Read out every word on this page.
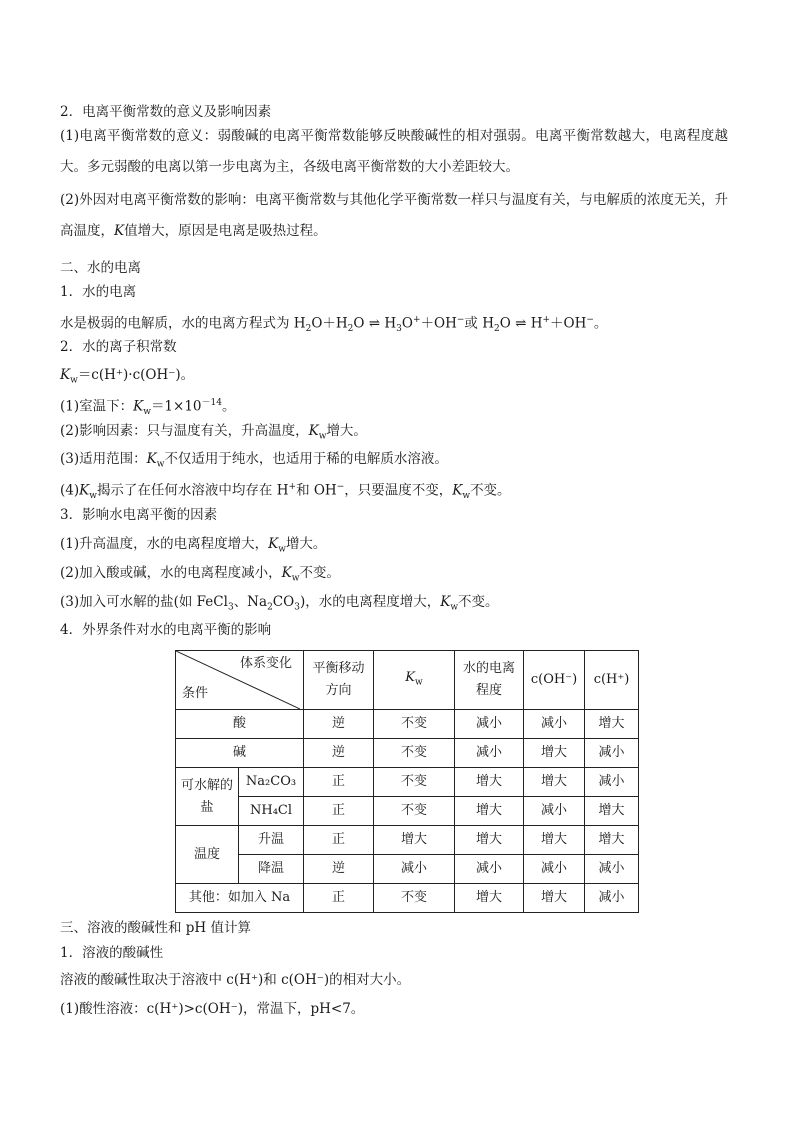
2．电离平衡常数的意义及影响因素
(1)电离平衡常数的意义：弱酸碱的电离平衡常数能够反映酸碱性的相对强弱。电离平衡常数越大，电离程度越大。多元弱酸的电离以第一步电离为主，各级电离平衡常数的大小差距较大。
(2)外因对电离平衡常数的影响：电离平衡常数与其他化学平衡常数一样只与温度有关，与电解质的浓度无关，升高温度，K值增大，原因是电离是吸热过程。
二、水的电离
1．水的电离
水是极弱的电解质，水的电离方程式为 $H_2O+H_2O$ ⇌ $H_3O^++OH^-$或 $H_2O$ ⇌ H+＋OH−。
2．水的离子积常数
$K_w=c(H^+)\cdot c(OH^-)$。
(1)室温下：$K_w=1\times 10^{-14}$。
(2)影响因素：只与温度有关，升高温度，$K_w$增大。
(3)适用范围：$K_w$不仅适用于纯水，也适用于稀的电解质水溶液。
$(4)K_w$揭示了在任何水溶液中均存在 H+和 OH−，只要温度不变，$K_w$不变。
3．影响水电离平衡的因素
(1)升高温度，水的电离程度增大，$K_w$增大。
(2)加入酸或碱，水的电离程度减小，$K_w$不变。
(3)加入可水解的盐(如 FeCl$_3$、$Na_2CO_3$)，水的电离程度增大，$K_w$不变。
4．外界条件对水的电离平衡的影响
体系变化
条件		平衡移动方向	$K_w$	水的电离程度	c(OH⁻)	c(H⁺)
酸		逆	不变	减小	减小	增大
碱		逆	不变	减小	增大	减小
可水解的盐	Na₂CO₃	正	不变	增大	增大	减小
	NH₄Cl	正	不变	增大	减小	增大
温度	升温	正	增大	增大	增大	增大
	降温	逆	减小	减小	减小	减小
其他：如加入 Na		正	不变	增大	增大	减小
三、溶液的酸碱性和 pH 值计算
1．溶液的酸碱性
溶液的酸碱性取决于溶液中 c(H⁺)和 c(OH⁻)的相对大小。
(1)酸性溶液：c(H⁺)>c(OH⁻)，常温下，pH<7。
